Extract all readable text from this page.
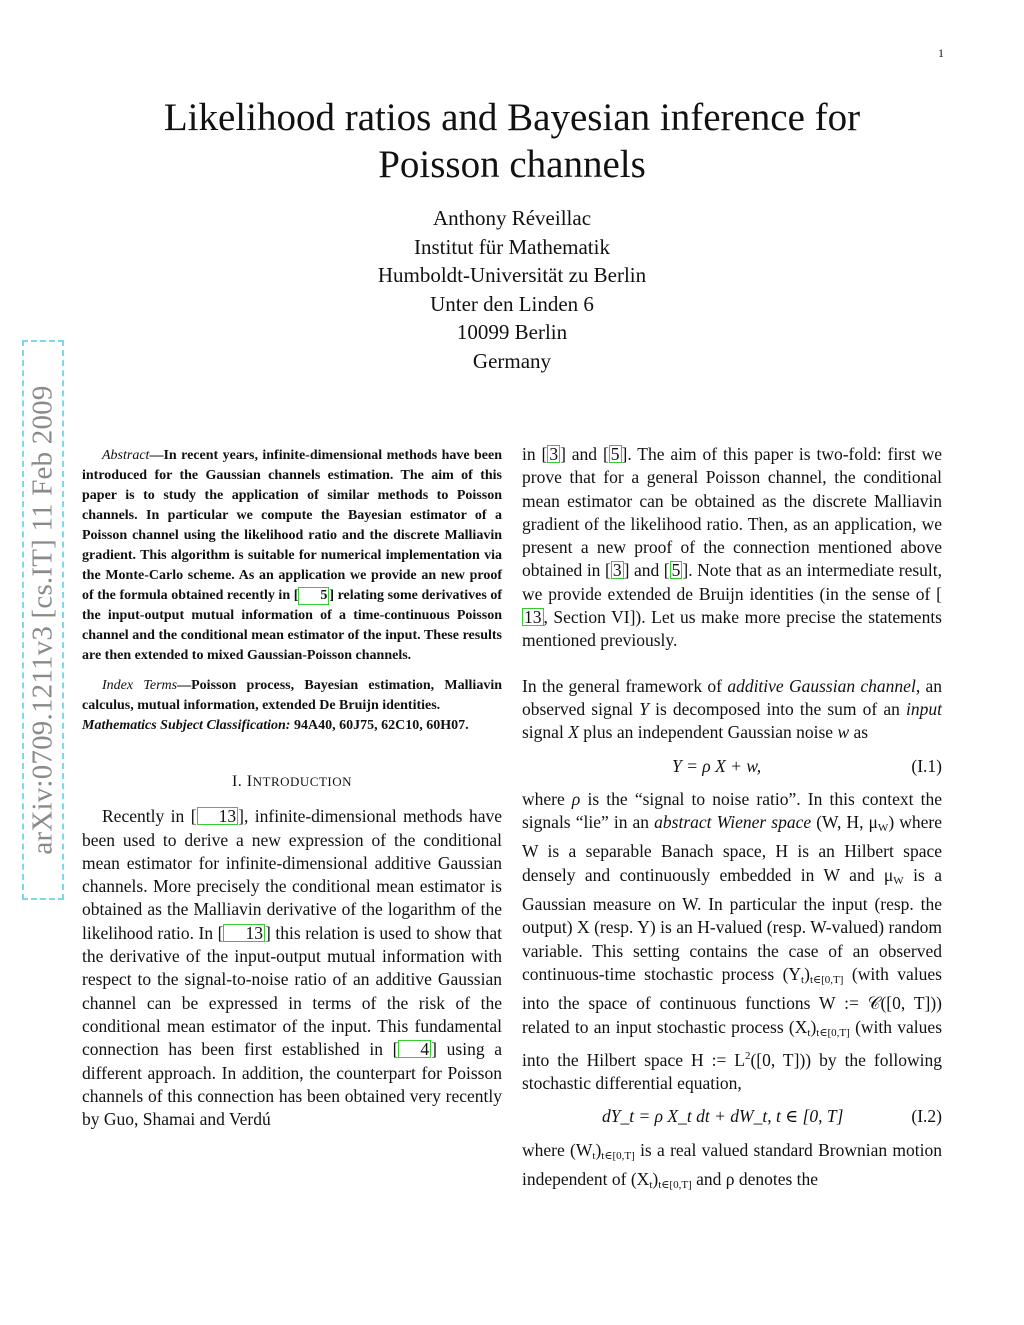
1
arXiv:0709.1211v3 [cs.IT] 11 Feb 2009
Likelihood ratios and Bayesian inference for
Poisson channels
Anthony Réveillac
Institut für Mathematik
Humboldt-Universität zu Berlin
Unter den Linden 6
10099 Berlin
Germany

Abstract—In recent years, infinite-dimensional methods have been introduced for the Gaussian channels estimation. The aim of this paper is to study the application of similar methods to Poisson channels. In particular we compute the Bayesian estimator of a Poisson channel using the likelihood ratio and the discrete Malliavin gradient. This algorithm is suitable for numerical implementation via the Monte-Carlo scheme. As an application we provide an new proof of the formula obtained recently in [ 5 ] relating some derivatives of the input-output mutual information of a time-continuous Poisson channel and the conditional mean estimator of the input. These results are then extended to mixed Gaussian-Poisson channels.

Index Terms—Poisson process, Bayesian estimation, Malliavin calculus, mutual information, extended De Bruijn identities.

Mathematics Subject Classification: 94A40, 60J75, 62C10, 60H07.

I. INTRODUCTION

Recently in [ 13 ], infinite-dimensional methods have been used to derive a new expression of the conditional mean estimator for infinite-dimensional additive Gaussian channels. More precisely the conditional mean estimator is obtained as the Malliavin derivative of the logarithm of the likelihood ratio. In [ 13 ] this relation is used to show that the derivative of the input-output mutual information with respect to the signal-to-noise ratio of an additive Gaussian channel can be expressed in terms of the risk of the conditional mean estimator of the input. This fundamental connection has been first established in [ 4 ] using a different approach. In addition, the counterpart for Poisson channels of this connection has been obtained very recently by Guo, Shamai and Verdú

in [ 3 ] and [ 5 ]. The aim of this paper is two-fold: first we prove that for a general Poisson channel, the conditional mean estimator can be obtained as the discrete Malliavin gradient of the likelihood ratio. Then, as an application, we present a new proof of the connection mentioned above obtained in [ 3 ] and [ 5 ]. Note that as an intermediate result, we provide extended de Bruijn identities (in the sense of [13 , Section VI]). Let us make more precise the statements mentioned previously.

In the general framework of additive Gaussian channel, an observed signal Y is decomposed into the sum of an input signal X plus an independent Gaussian noise w as

Y = ρ X + w,	(I.1)

where ρ is the “signal to noise ratio”. In this context the signals “lie” in an abstract Wiener space (W, H, $\mu_W$) where W is a separable Banach space, H is an Hilbert space densely and continuously embedded in W and $\mu_W$ is a Gaussian measure on W. In particular the input (resp. the output) X (resp. Y) is an H-valued (resp. W-valued) random variable. This setting contains the case of an observed continuous-time stochastic process $(Y_t)_{t\in[0,T]}$ (with values into the space of continuous functions W := 𝒞([0, T])) related to an input stochastic process $(X_t)_{t\in[0,T]}$ (with values into the Hilbert space H := $L^2([0$, T])) by the following stochastic differential equation,

dY_t = ρ X_t dt + dW_t, t ∈ [0, T]	(I.2)

where $(W_t)_{t\in[0,T]}$ is a real valued standard Brownian motion independent of $(X_t)_{t\in[0,T]}$ and ρ denotes the
